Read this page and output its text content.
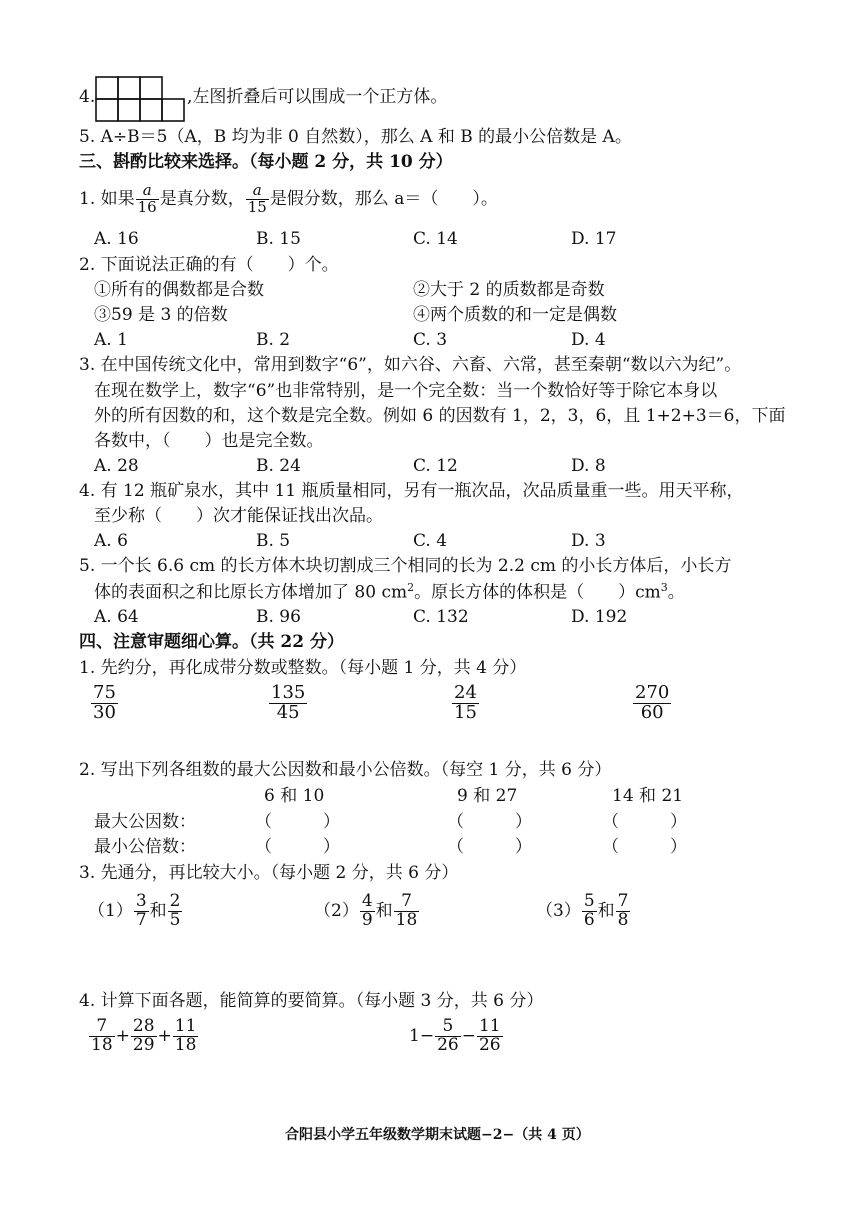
4.	,左图折叠后可以围成一个正方体。
5. A÷B＝5（A，B 均为非 0 自然数），那么 A 和 B 的最小公倍数是 A。
三、斟酌比较来选择。（每小题 2 分，共 10 分）
1. 如果 $\frac{a}{16}$ 是真分数， $\frac{a}{15}$ 是假分数，那么 a＝（　　）。
A. 16	B. 15	C. 14	D. 17
2. 下面说法正确的有（　　）个。
①所有的偶数都是合数	②大于 2 的质数都是奇数
③59 是 3 的倍数	④两个质数的和一定是偶数
A. 1	B. 2	C. 3	D. 4
3. 在中国传统文化中，常用到数字“6”，如六谷、六畜、六常，甚至秦朝“数以六为纪”。
在现在数学上，数字“6”也非常特别，是一个完全数：当一个数恰好等于除它本身以
外的所有因数的和，这个数是完全数。例如 6 的因数有 1，2，3，6，且 1+2+3＝6，下面
各数中，（　　）也是完全数。
A. 28	B. 24	C. 12	D. 8
4. 有 12 瓶矿泉水，其中 11 瓶质量相同，另有一瓶次品，次品质量重一些。用天平称，
至少称（　　）次才能保证找出次品。
A. 6	B. 5	C. 4	D. 3
5. 一个长 6.6 cm 的长方体木块切割成三个相同的长为 2.2 cm 的小长方体后，小长方
体的表面积之和比原长方体增加了 80 $cm^2$。原长方体的体积是（　　）$cm^3$。
A. 64	B. 96	C. 132	D. 192
四、注意审题细心算。（共 22 分）
1. 先约分，再化成带分数或整数。（每小题 1 分，共 4 分）
$\frac{75}{30}$	$\frac{135}{45}$	$\frac{24}{15}$	$\frac{270}{60}$
2. 写出下列各组数的最大公因数和最小公倍数。（每空 1 分，共 6 分）
6 和 10	9 和 27	14 和 21
最大公因数：	（　　　）	（　　　）	（　　　）
最小公倍数：	（　　　）	（　　　）	（　　　）
3. 先通分，再比较大小。（每小题 2 分，共 6 分）
$(1) \frac{3}{7}$ 和 $\frac{2}{5}$	$(2) \frac{4}{9}$ 和 $\frac{7}{18}$	$(3) \frac{5}{6}$ 和 $\frac{7}{8}$
4. 计算下面各题，能简算的要简算。（每小题 3 分，共 6 分）
$\frac{7}{18} + \frac{28}{29} + \frac{11}{18}$	$1- \frac{5}{26} - \frac{11}{26}$
合阳县小学五年级数学期末试题−2−（共 4 页）
